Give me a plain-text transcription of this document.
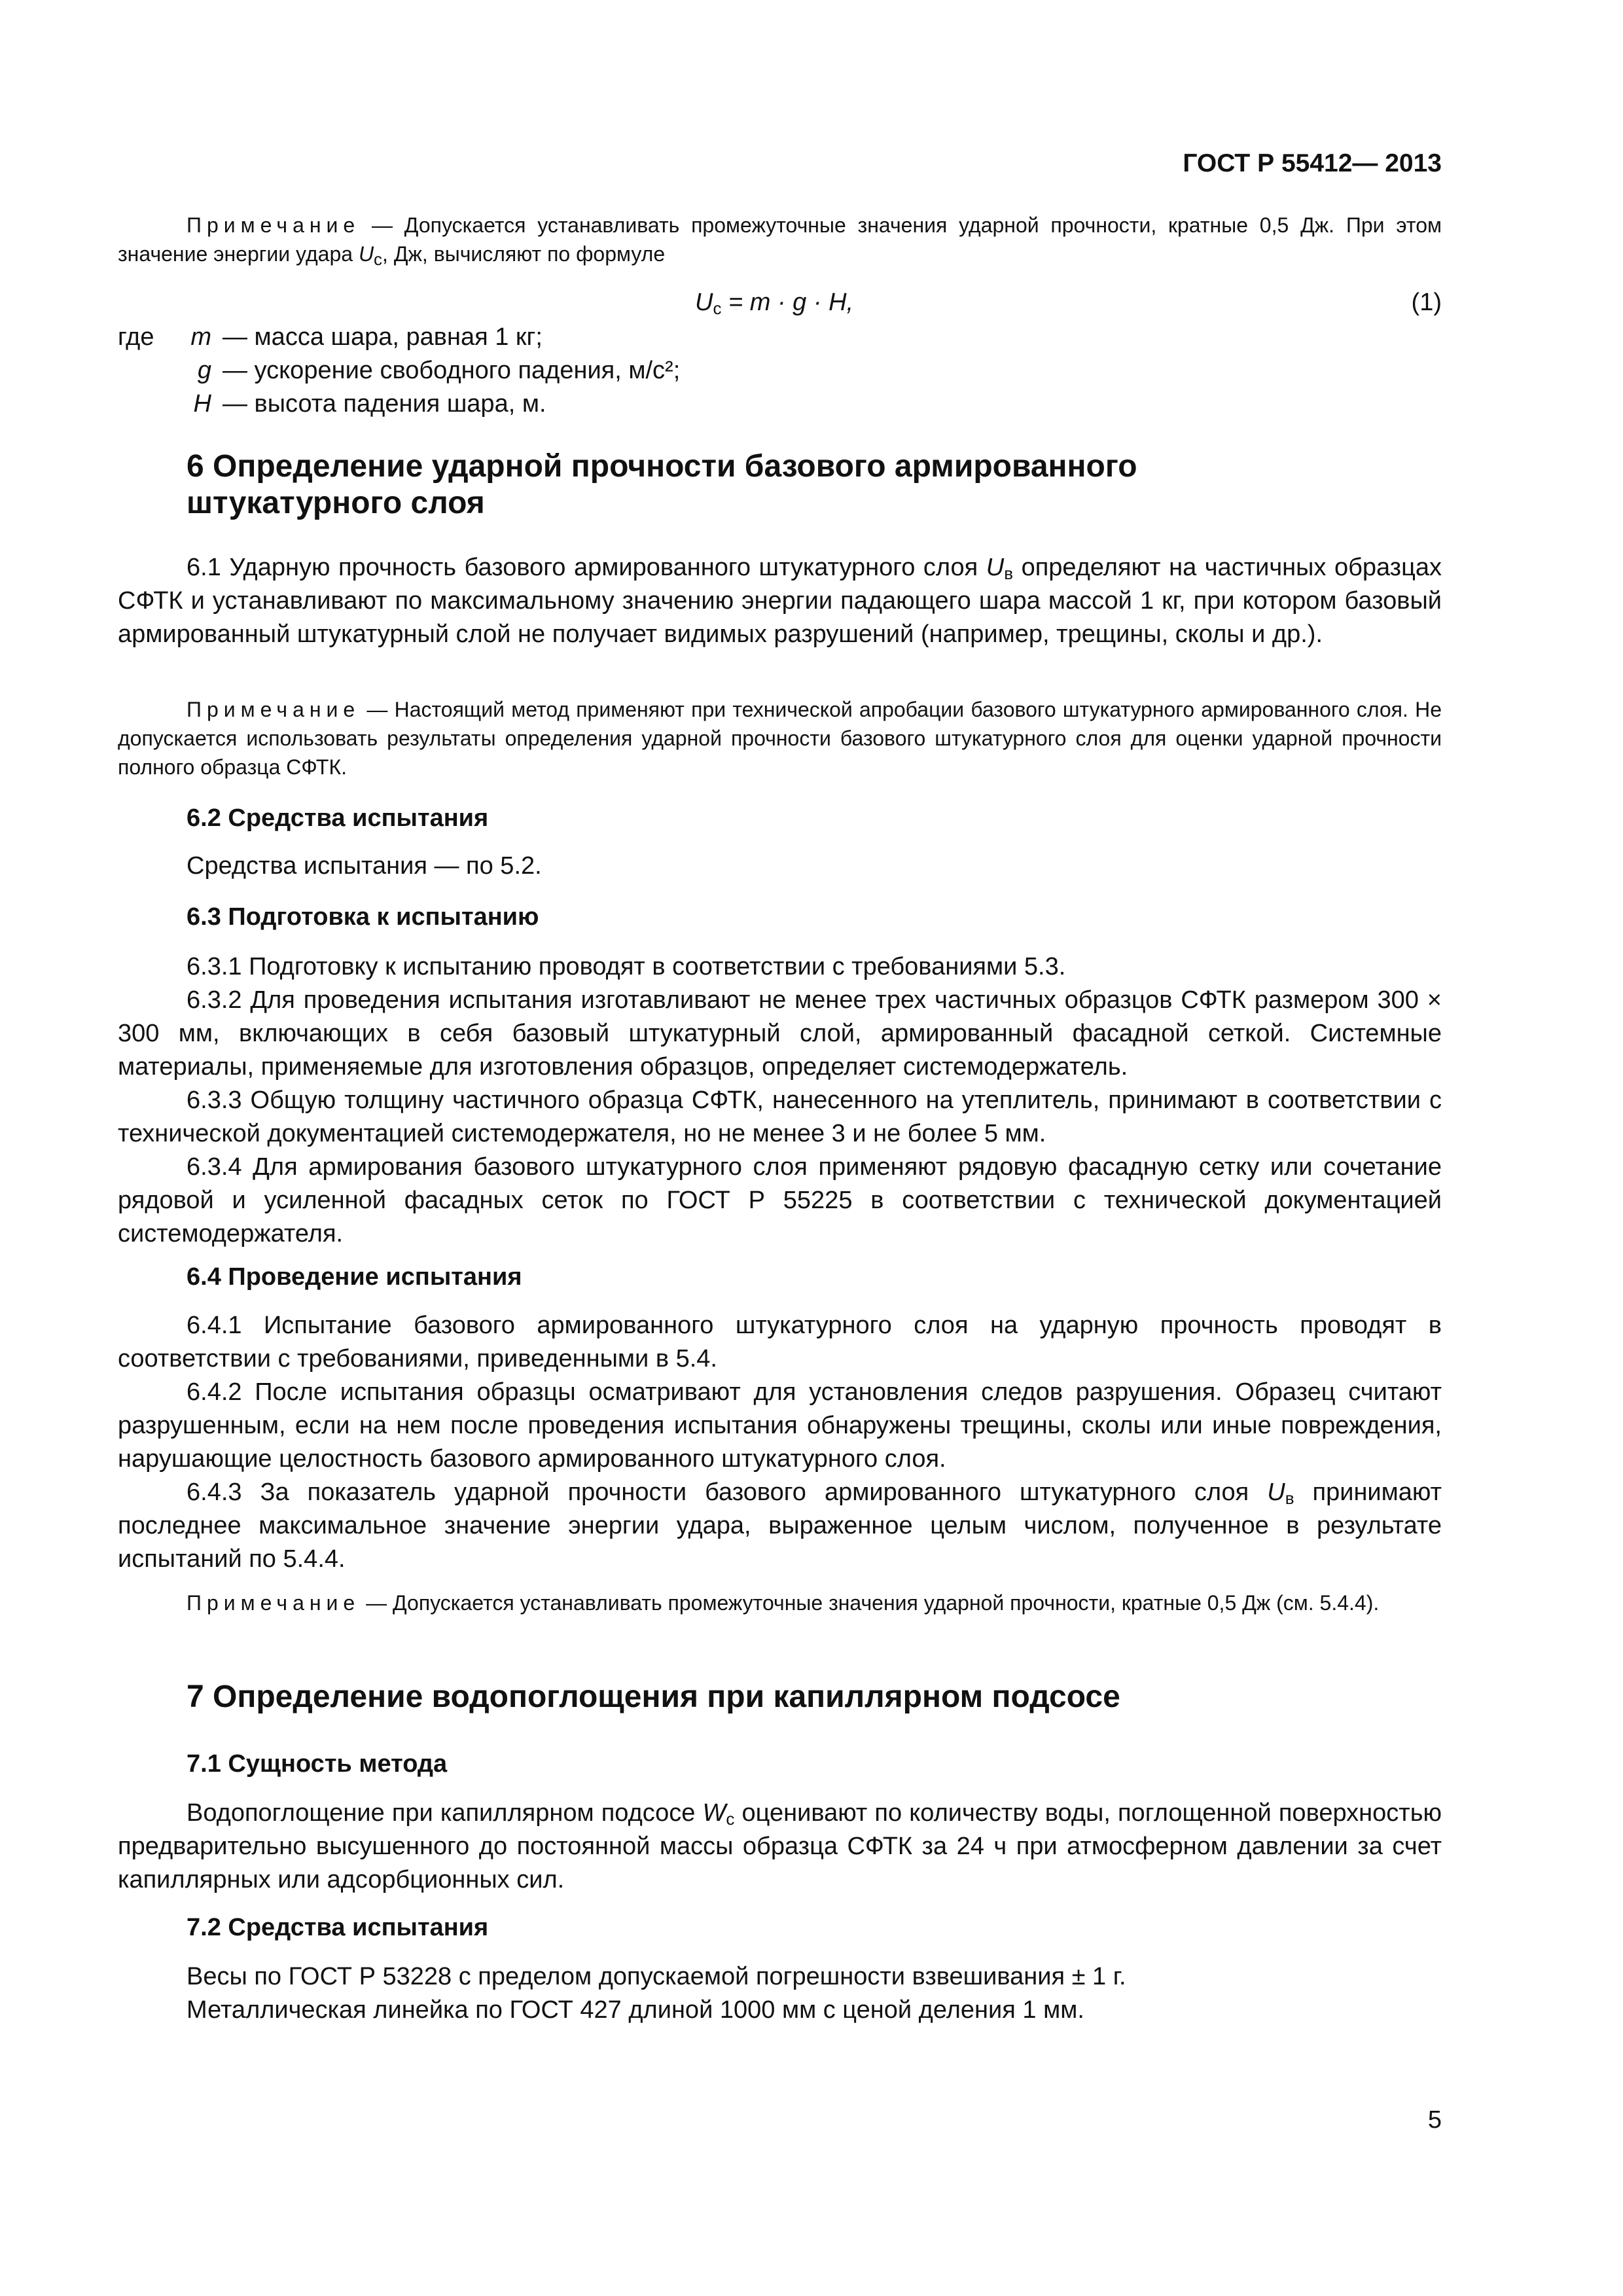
ГОСТ Р 55412— 2013

Примечание — Допускается устанавливать промежуточные значения ударной прочности, кратные 0,5 Дж. При этом значение энергии удара $U_c$, Дж, вычисляют по формуле

$U_c = m \cdot g \cdot H$,	(1)
где	m — масса шара, равная 1 кг;
g — ускорение свободного падения, м/с²;
H — высота падения шара, м.
6 Определение ударной прочности базового армированного
штукатурного слоя

6.1 Ударную прочность базового армированного штукатурного слоя $U_в$ определяют на частичных образцах СФТК и устанавливают по максимальному значению энергии падающего шара массой 1 кг, при котором базовый армированный штукатурный слой не получает видимых разрушений (например, трещины, сколы и др.).

Примечание — Настоящий метод применяют при технической апробации базового штукатурного армированного слоя. Не допускается использовать результаты определения ударной прочности базового штукатурного слоя для оценки ударной прочности полного образца СФТК.

6.2 Средства испытания

Средства испытания — по 5.2.

6.3 Подготовка к испытанию

6.3.1 Подготовку к испытанию проводят в соответствии с требованиями 5.3.

6.3.2 Для проведения испытания изготавливают не менее трех частичных образцов СФТК размером 300 × 300 мм, включающих в себя базовый штукатурный слой, армированный фасадной сеткой. Системные материалы, применяемые для изготовления образцов, определяет системодержатель.

6.3.3 Общую толщину частичного образца СФТК, нанесенного на утеплитель, принимают в соответствии с технической документацией системодержателя, но не менее 3 и не более 5 мм.

6.3.4 Для армирования базового штукатурного слоя применяют рядовую фасадную сетку или сочетание рядовой и усиленной фасадных сеток по ГОСТ Р 55225 в соответствии с технической документацией системодержателя.

6.4 Проведение испытания

6.4.1 Испытание базового армированного штукатурного слоя на ударную прочность проводят в соответствии с требованиями, приведенными в 5.4.

6.4.2 После испытания образцы осматривают для установления следов разрушения. Образец считают разрушенным, если на нем после проведения испытания обнаружены трещины, сколы или иные повреждения, нарушающие целостность базового армированного штукатурного слоя.

6.4.3 За показатель ударной прочности базового армированного штукатурного слоя $U_в$ принимают последнее максимальное значение энергии удара, выраженное целым числом, полученное в результате испытаний по 5.4.4.

Примечание — Допускается устанавливать промежуточные значения ударной прочности, кратные 0,5 Дж (см. 5.4.4).

7 Определение водопоглощения при капиллярном подсосе
7.1 Сущность метода

Водопоглощение при капиллярном подсосе $W_c$ оценивают по количеству воды, поглощенной поверхностью предварительно высушенного до постоянной массы образца СФТК за 24 ч при атмосферном давлении за счет капиллярных или адсорбционных сил.

7.2 Средства испытания

Весы по ГОСТ Р 53228 с пределом допускаемой погрешности взвешивания ± 1 г.

Металлическая линейка по ГОСТ 427 длиной 1000 мм с ценой деления 1 мм.

5
